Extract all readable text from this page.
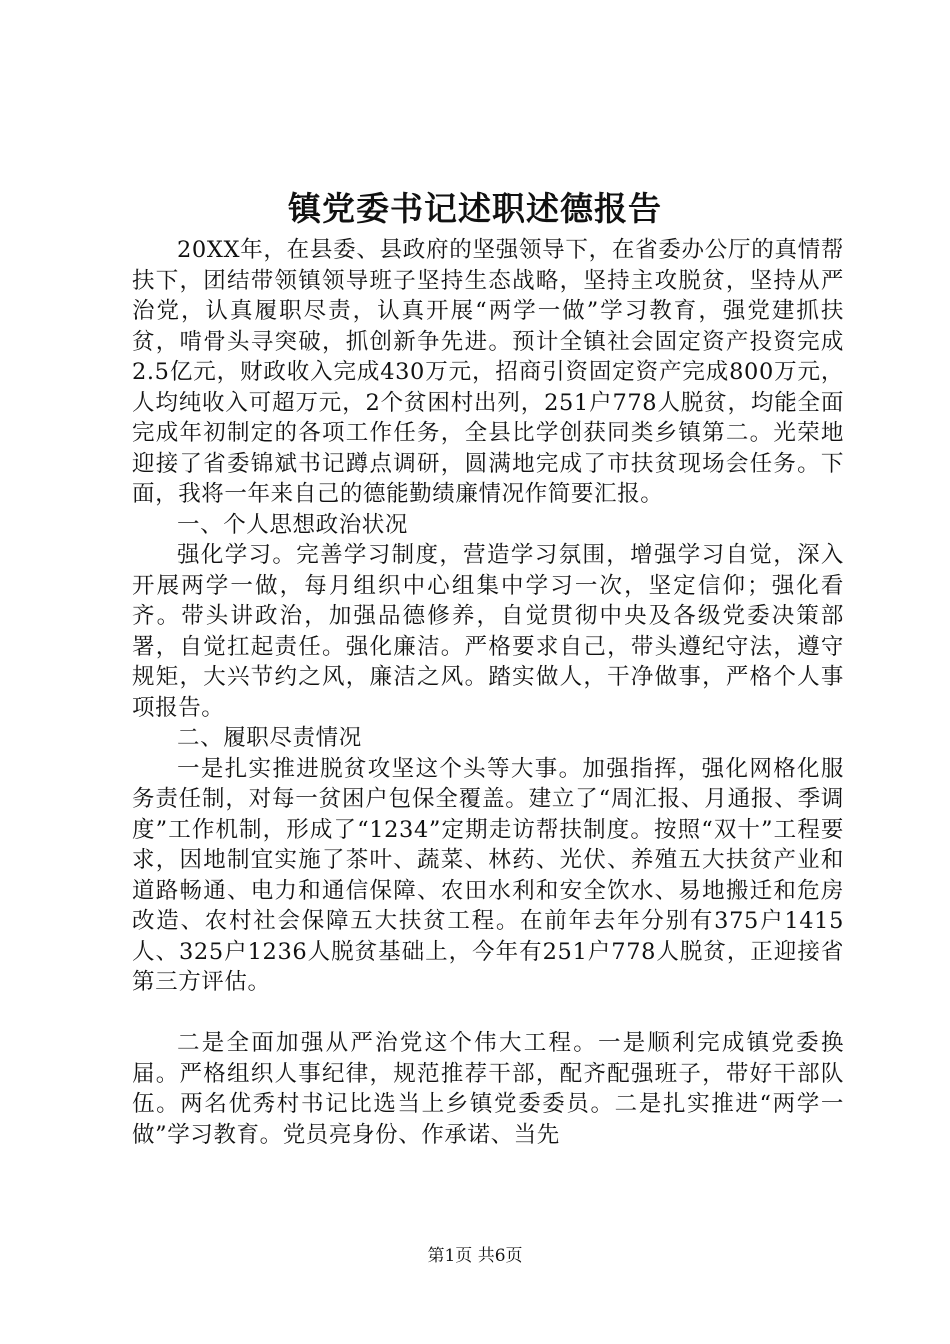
镇党委书记述职述德报告

20XX年，在县委、县政府的坚强领导下，在省委办公厅的真情帮扶下，团结带领镇领导班子坚持生态战略，坚持主攻脱贫，坚持从严治党，认真履职尽责，认真开展“两学一做”学习教育，强党建抓扶贫，啃骨头寻突破，抓创新争先进。预计全镇社会固定资产投资完成2.5亿元，财政收入完成430万元，招商引资固定资产完成800万元，人均纯收入可超万元，2个贫困村出列，251户778人脱贫，均能全面完成年初制定的各项工作任务，全县比学创获同类乡镇第二。光荣地迎接了省委锦斌书记蹲点调研，圆满地完成了市扶贫现场会任务。下面，我将一年来自己的德能勤绩廉情况作简要汇报。

一、个人思想政治状况

强化学习。完善学习制度，营造学习氛围，增强学习自觉，深入开展两学一做，每月组织中心组集中学习一次，坚定信仰；强化看齐。带头讲政治，加强品德修养，自觉贯彻中央及各级党委决策部署，自觉扛起责任。强化廉洁。严格要求自己，带头遵纪守法，遵守规矩，大兴节约之风，廉洁之风。踏实做人，干净做事，严格个人事项报告。

二、履职尽责情况

一是扎实推进脱贫攻坚这个头等大事。加强指挥，强化网格化服务责任制，对每一贫困户包保全覆盖。建立了“周汇报、月通报、季调度”工作机制，形成了“1234”定期走访帮扶制度。按照“双十”工程要求，因地制宜实施了茶叶、蔬菜、林药、光伏、养殖五大扶贫产业和道路畅通、电力和通信保障、农田水利和安全饮水、易地搬迁和危房改造、农村社会保障五大扶贫工程。在前年去年分别有375户1415人、325户1236人脱贫基础上，今年有251户778人脱贫，正迎接省第三方评估。

二是全面加强从严治党这个伟大工程。一是顺利完成镇党委换届。严格组织人事纪律，规范推荐干部，配齐配强班子，带好干部队伍。两名优秀村书记比选当上乡镇党委委员。二是扎实推进“两学一做”学习教育。党员亮身份、作承诺、当先

第1页 共6页
